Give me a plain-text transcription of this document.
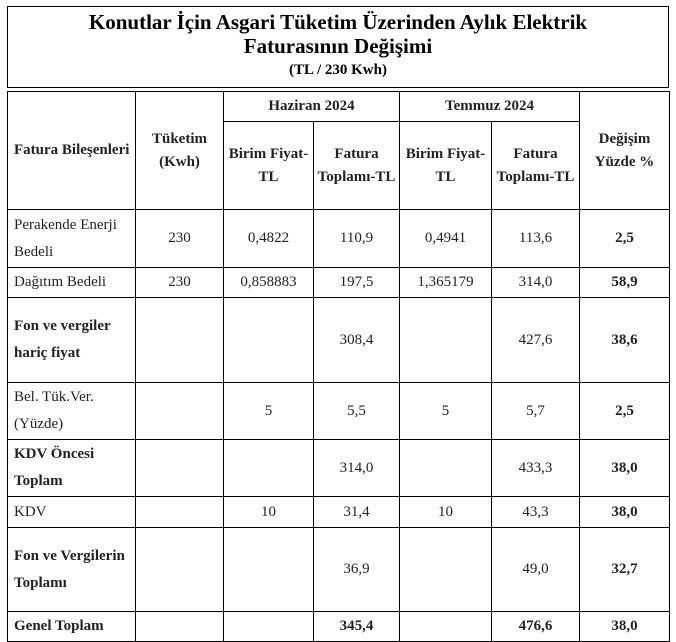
Konutlar İçin Asgari Tüketim Üzerinden Aylık Elektrik
Faturasının Değişimi
(TL / 230 Kwh)
Fatura Bileşenleri	Tüketim (Kwh)	Haziran 2024		Temmuz 2024		Değişim Yüzde %
		Birim Fiyat-TL	Fatura Toplamı-TL	Birim Fiyat-TL	Fatura Toplamı-TL	
Perakende Enerji Bedeli	230	0,4822	110,9	0,4941	113,6	2,5
Dağıtım Bedeli	230	0,858883	197,5	1,365179	314,0	58,9
Fon ve vergiler hariç fiyat			308,4		427,6	38,6
Bel. Tük.Ver. (Yüzde)		5	5,5	5	5,7	2,5
KDV Öncesi Toplam			314,0		433,3	38,0
KDV		10	31,4	10	43,3	38,0
Fon ve Vergilerin Toplamı			36,9		49,0	32,7
Genel Toplam			345,4		476,6	38,0
